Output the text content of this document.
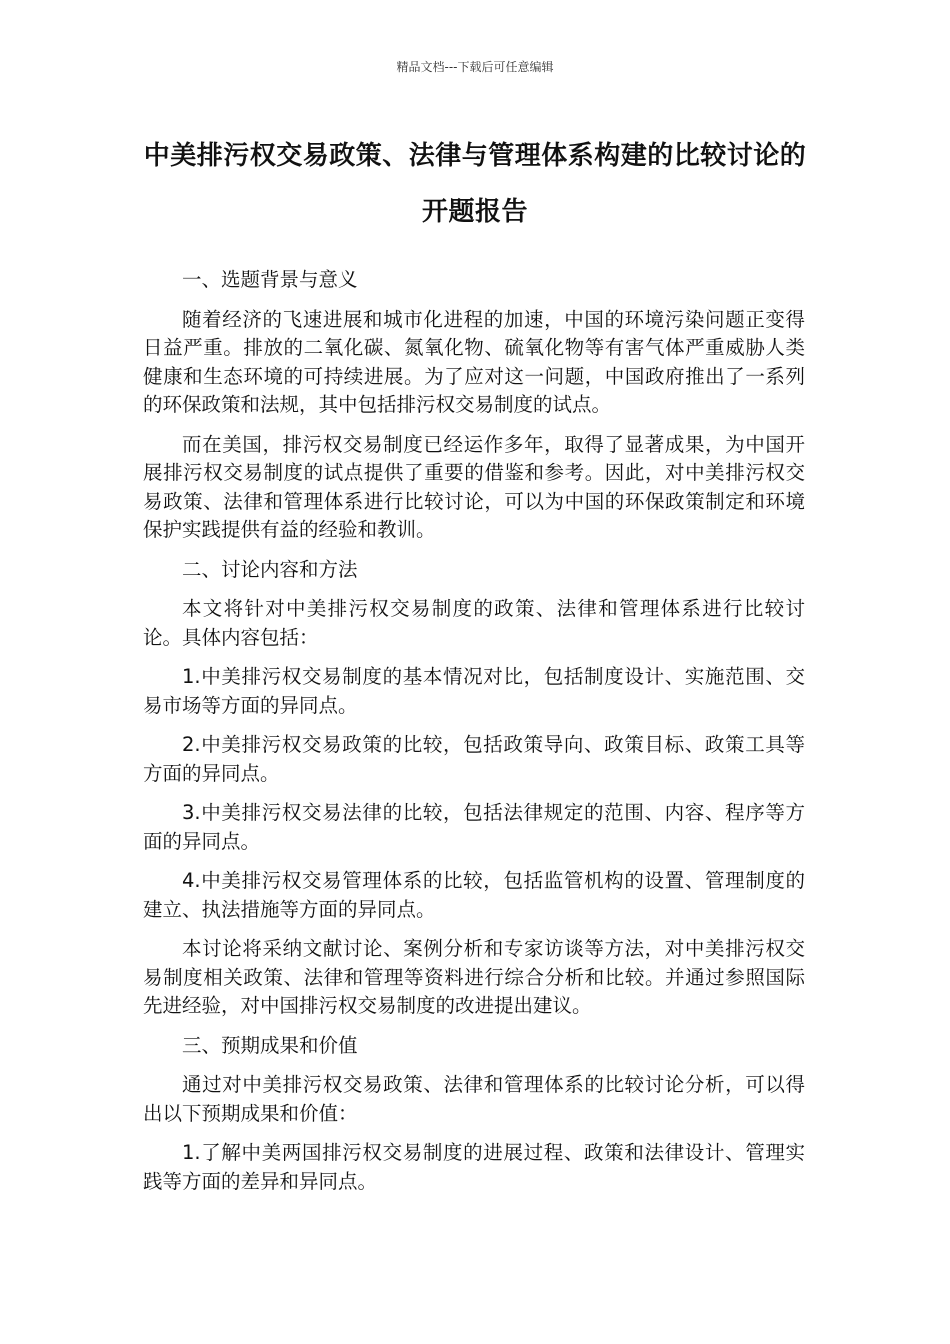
精品文档---下载后可任意编辑
中美排污权交易政策、法律与管理体系构建的比较讨论的开题报告

一、选题背景与意义

随着经济的飞速进展和城市化进程的加速，中国的环境污染问题正变得日益严重。排放的二氧化碳、氮氧化物、硫氧化物等有害气体严重威胁人类健康和生态环境的可持续进展。为了应对这一问题，中国政府推出了一系列的环保政策和法规，其中包括排污权交易制度的试点。

而在美国，排污权交易制度已经运作多年，取得了显著成果，为中国开展排污权交易制度的试点提供了重要的借鉴和参考。因此，对中美排污权交易政策、法律和管理体系进行比较讨论，可以为中国的环保政策制定和环境保护实践提供有益的经验和教训。

二、讨论内容和方法

本文将针对中美排污权交易制度的政策、法律和管理体系进行比较讨论。具体内容包括：

1.中美排污权交易制度的基本情况对比，包括制度设计、实施范围、交易市场等方面的异同点。

2.中美排污权交易政策的比较，包括政策导向、政策目标、政策工具等方面的异同点。

3.中美排污权交易法律的比较，包括法律规定的范围、内容、程序等方面的异同点。

4.中美排污权交易管理体系的比较，包括监管机构的设置、管理制度的建立、执法措施等方面的异同点。

本讨论将采纳文献讨论、案例分析和专家访谈等方法，对中美排污权交易制度相关政策、法律和管理等资料进行综合分析和比较。并通过参照国际先进经验，对中国排污权交易制度的改进提出建议。

三、预期成果和价值

通过对中美排污权交易政策、法律和管理体系的比较讨论分析，可以得出以下预期成果和价值：

1.了解中美两国排污权交易制度的进展过程、政策和法律设计、管理实践等方面的差异和异同点。
